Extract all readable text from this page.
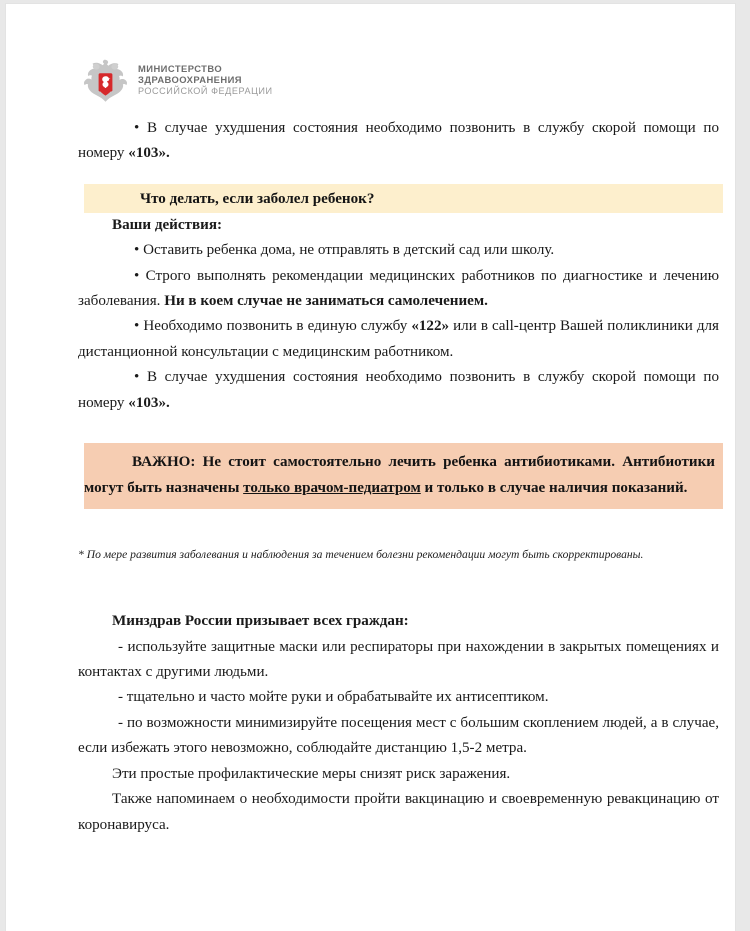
МИНИСТЕРСТВО
ЗДРАВООХРАНЕНИЯ
РОССИЙСКОЙ ФЕДЕРАЦИИ

• В случае ухудшения состояния необходимо позвонить в службу скорой помощи по номеру «103».

Что делать, если заболел ребенок?

Ваши действия:

• Оставить ребенка дома, не отправлять в детский сад или школу.

• Строго выполнять рекомендации медицинских работников по диагностике и лечению заболевания. Ни в коем случае не заниматься самолечением.

• Необходимо позвонить в единую службу «122» или в call-центр Вашей поликлиники для дистанционной консультации с медицинским работником.

• В случае ухудшения состояния необходимо позвонить в службу скорой помощи по номеру «103».

ВАЖНО: Не стоит самостоятельно лечить ребенка антибиотиками. Антибиотики могут быть назначены только врачом-педиатром и только в случае наличия показаний.

* По мере развития заболевания и наблюдения за течением болезни рекомендации могут быть скорректированы.

Минздрав России призывает всех граждан:

- используйте защитные маски или респираторы при нахождении в закрытых помещениях и контактах с другими людьми.

- тщательно и часто мойте руки и обрабатывайте их антисептиком.

- по возможности минимизируйте посещения мест с большим скоплением людей, а в случае, если избежать этого невозможно, соблюдайте дистанцию 1,5-2 метра.

Эти простые профилактические меры снизят риск заражения.

Также напоминаем о необходимости пройти вакцинацию и своевременную ревакцинацию от коронавируса.
